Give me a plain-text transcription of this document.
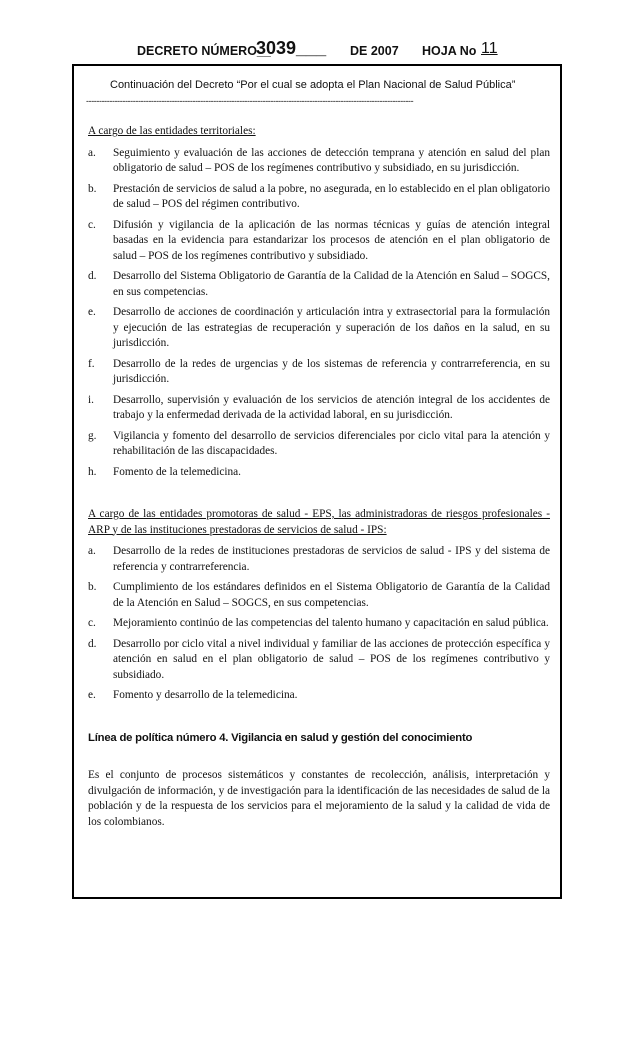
DECRETO NÚMERO__
3039___ DE 2007 HOJA No 11
Continuación del Decreto “Por el cual se adopta el Plan Nacional de Salud Pública”
------------------------------------------------------------------------------------------------------------------------------

A cargo de las entidades territoriales:

a.	Seguimiento y evaluación de las acciones de detección temprana y atención en salud del plan obligatorio de salud – POS de los regímenes contributivo y subsidiado, en su jurisdicción.
b.	Prestación de servicios de salud a la pobre, no asegurada, en lo establecido en el plan obligatorio de salud – POS del régimen contributivo.
c.	Difusión y vigilancia de la aplicación de las normas técnicas y guías de atención integral basadas en la evidencia para estandarizar los procesos de atención en el plan obligatorio de salud – POS de los regímenes contributivo y subsidiado.
d.	Desarrollo del Sistema Obligatorio de Garantía de la Calidad de la Atención en Salud – SOGCS, en sus competencias.
e.	Desarrollo de acciones de coordinación y articulación intra y extrasectorial para la formulación y ejecución de las estrategias de recuperación y superación de los daños en la salud, en su jurisdicción.
f.	Desarrollo de la redes de urgencias y de los sistemas de referencia y contrarreferencia, en su jurisdicción.
i.	Desarrollo, supervisión y evaluación de los servicios de atención integral de los accidentes de trabajo y la enfermedad derivada de la actividad laboral, en su jurisdicción.
g.	Vigilancia y fomento del desarrollo de servicios diferenciales por ciclo vital para la atención y rehabilitación de las discapacidades.
h.	Fomento de la telemedicina.

A cargo de las entidades promotoras de salud - EPS, las administradoras de riesgos profesionales - ARP y de las instituciones prestadoras de servicios de salud - IPS:

a.	Desarrollo de la redes de instituciones prestadoras de servicios de salud - IPS y del sistema de referencia y contrarreferencia.
b.	Cumplimiento de los estándares definidos en el Sistema Obligatorio de Garantía de la Calidad de la Atención en Salud – SOGCS, en sus competencias.
c.	Mejoramiento continúo de las competencias del talento humano y capacitación en salud pública.
d.	Desarrollo por ciclo vital a nivel individual y familiar de las acciones de protección específica y atención en salud en el plan obligatorio de salud – POS de los regímenes contributivo y subsidiado.
e.	Fomento y desarrollo de la telemedicina.

Línea de política número 4. Vigilancia en salud y gestión del conocimiento

Es el conjunto de procesos sistemáticos y constantes de recolección, análisis, interpretación y divulgación de información, y de investigación para la identificación de las necesidades de salud de la población y de la respuesta de los servicios para el mejoramiento de la salud y la calidad de vida de los colombianos.
